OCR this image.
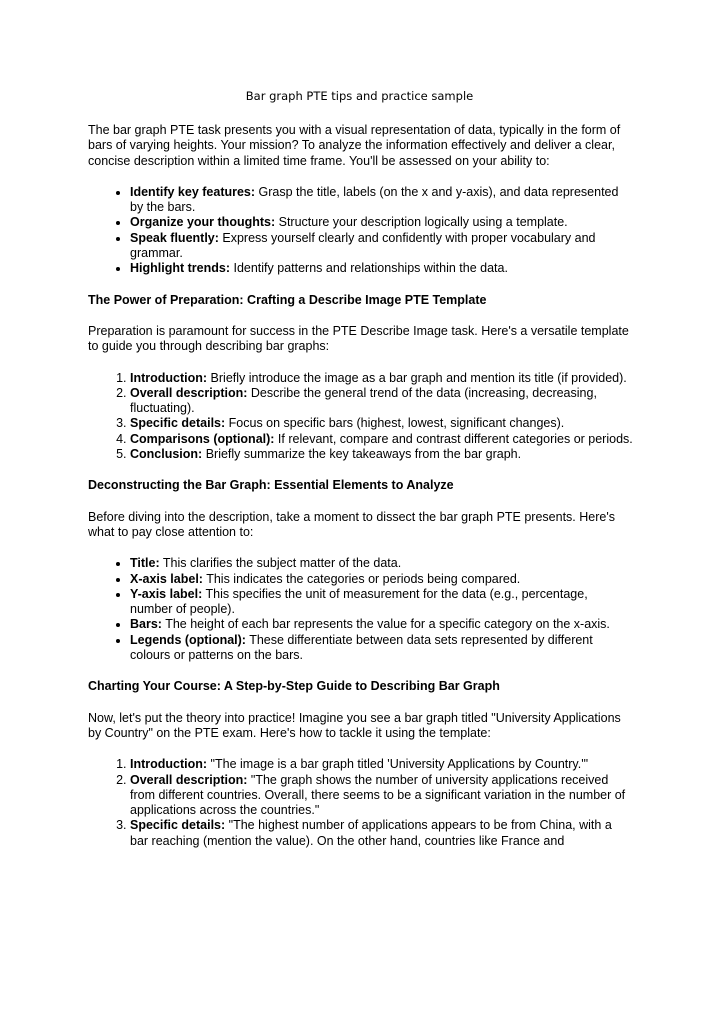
Bar graph PTE tips and practice sample

The bar graph PTE task presents you with a visual representation of data, typically in the form of bars of varying heights. Your mission? To analyze the information effectively and deliver a clear, concise description within a limited time frame. You'll be assessed on your ability to:

• Identify key features: Grasp the title, labels (on the x and y-axis), and data represented by the bars.
• Organize your thoughts: Structure your description logically using a template.
• Speak fluently: Express yourself clearly and confidently with proper vocabulary and grammar.
• Highlight trends: Identify patterns and relationships within the data.
The Power of Preparation: Crafting a Describe Image PTE Template

Preparation is paramount for success in the PTE Describe Image task. Here's a versatile template to guide you through describing bar graphs:

1. Introduction: Briefly introduce the image as a bar graph and mention its title (if provided).
2. Overall description: Describe the general trend of the data (increasing, decreasing, fluctuating).
3. Specific details: Focus on specific bars (highest, lowest, significant changes).
4. Comparisons (optional): If relevant, compare and contrast different categories or periods.
5. Conclusion: Briefly summarize the key takeaways from the bar graph.
Deconstructing the Bar Graph: Essential Elements to Analyze

Before diving into the description, take a moment to dissect the bar graph PTE presents. Here's what to pay close attention to:

• Title: This clarifies the subject matter of the data.
• X-axis label: This indicates the categories or periods being compared.
• Y-axis label: This specifies the unit of measurement for the data (e.g., percentage, number of people).
• Bars: The height of each bar represents the value for a specific category on the x-axis.
• Legends (optional): These differentiate between data sets represented by different colours or patterns on the bars.
Charting Your Course: A Step-by-Step Guide to Describing Bar Graph

Now, let's put the theory into practice! Imagine you see a bar graph titled "University Applications by Country" on the PTE exam. Here's how to tackle it using the template:

1. Introduction: "The image is a bar graph titled 'University Applications by Country.'"
2. Overall description: "The graph shows the number of university applications received from different countries. Overall, there seems to be a significant variation in the number of applications across the countries."
3. Specific details: "The highest number of applications appears to be from China, with a bar reaching (mention the value). On the other hand, countries like France and
